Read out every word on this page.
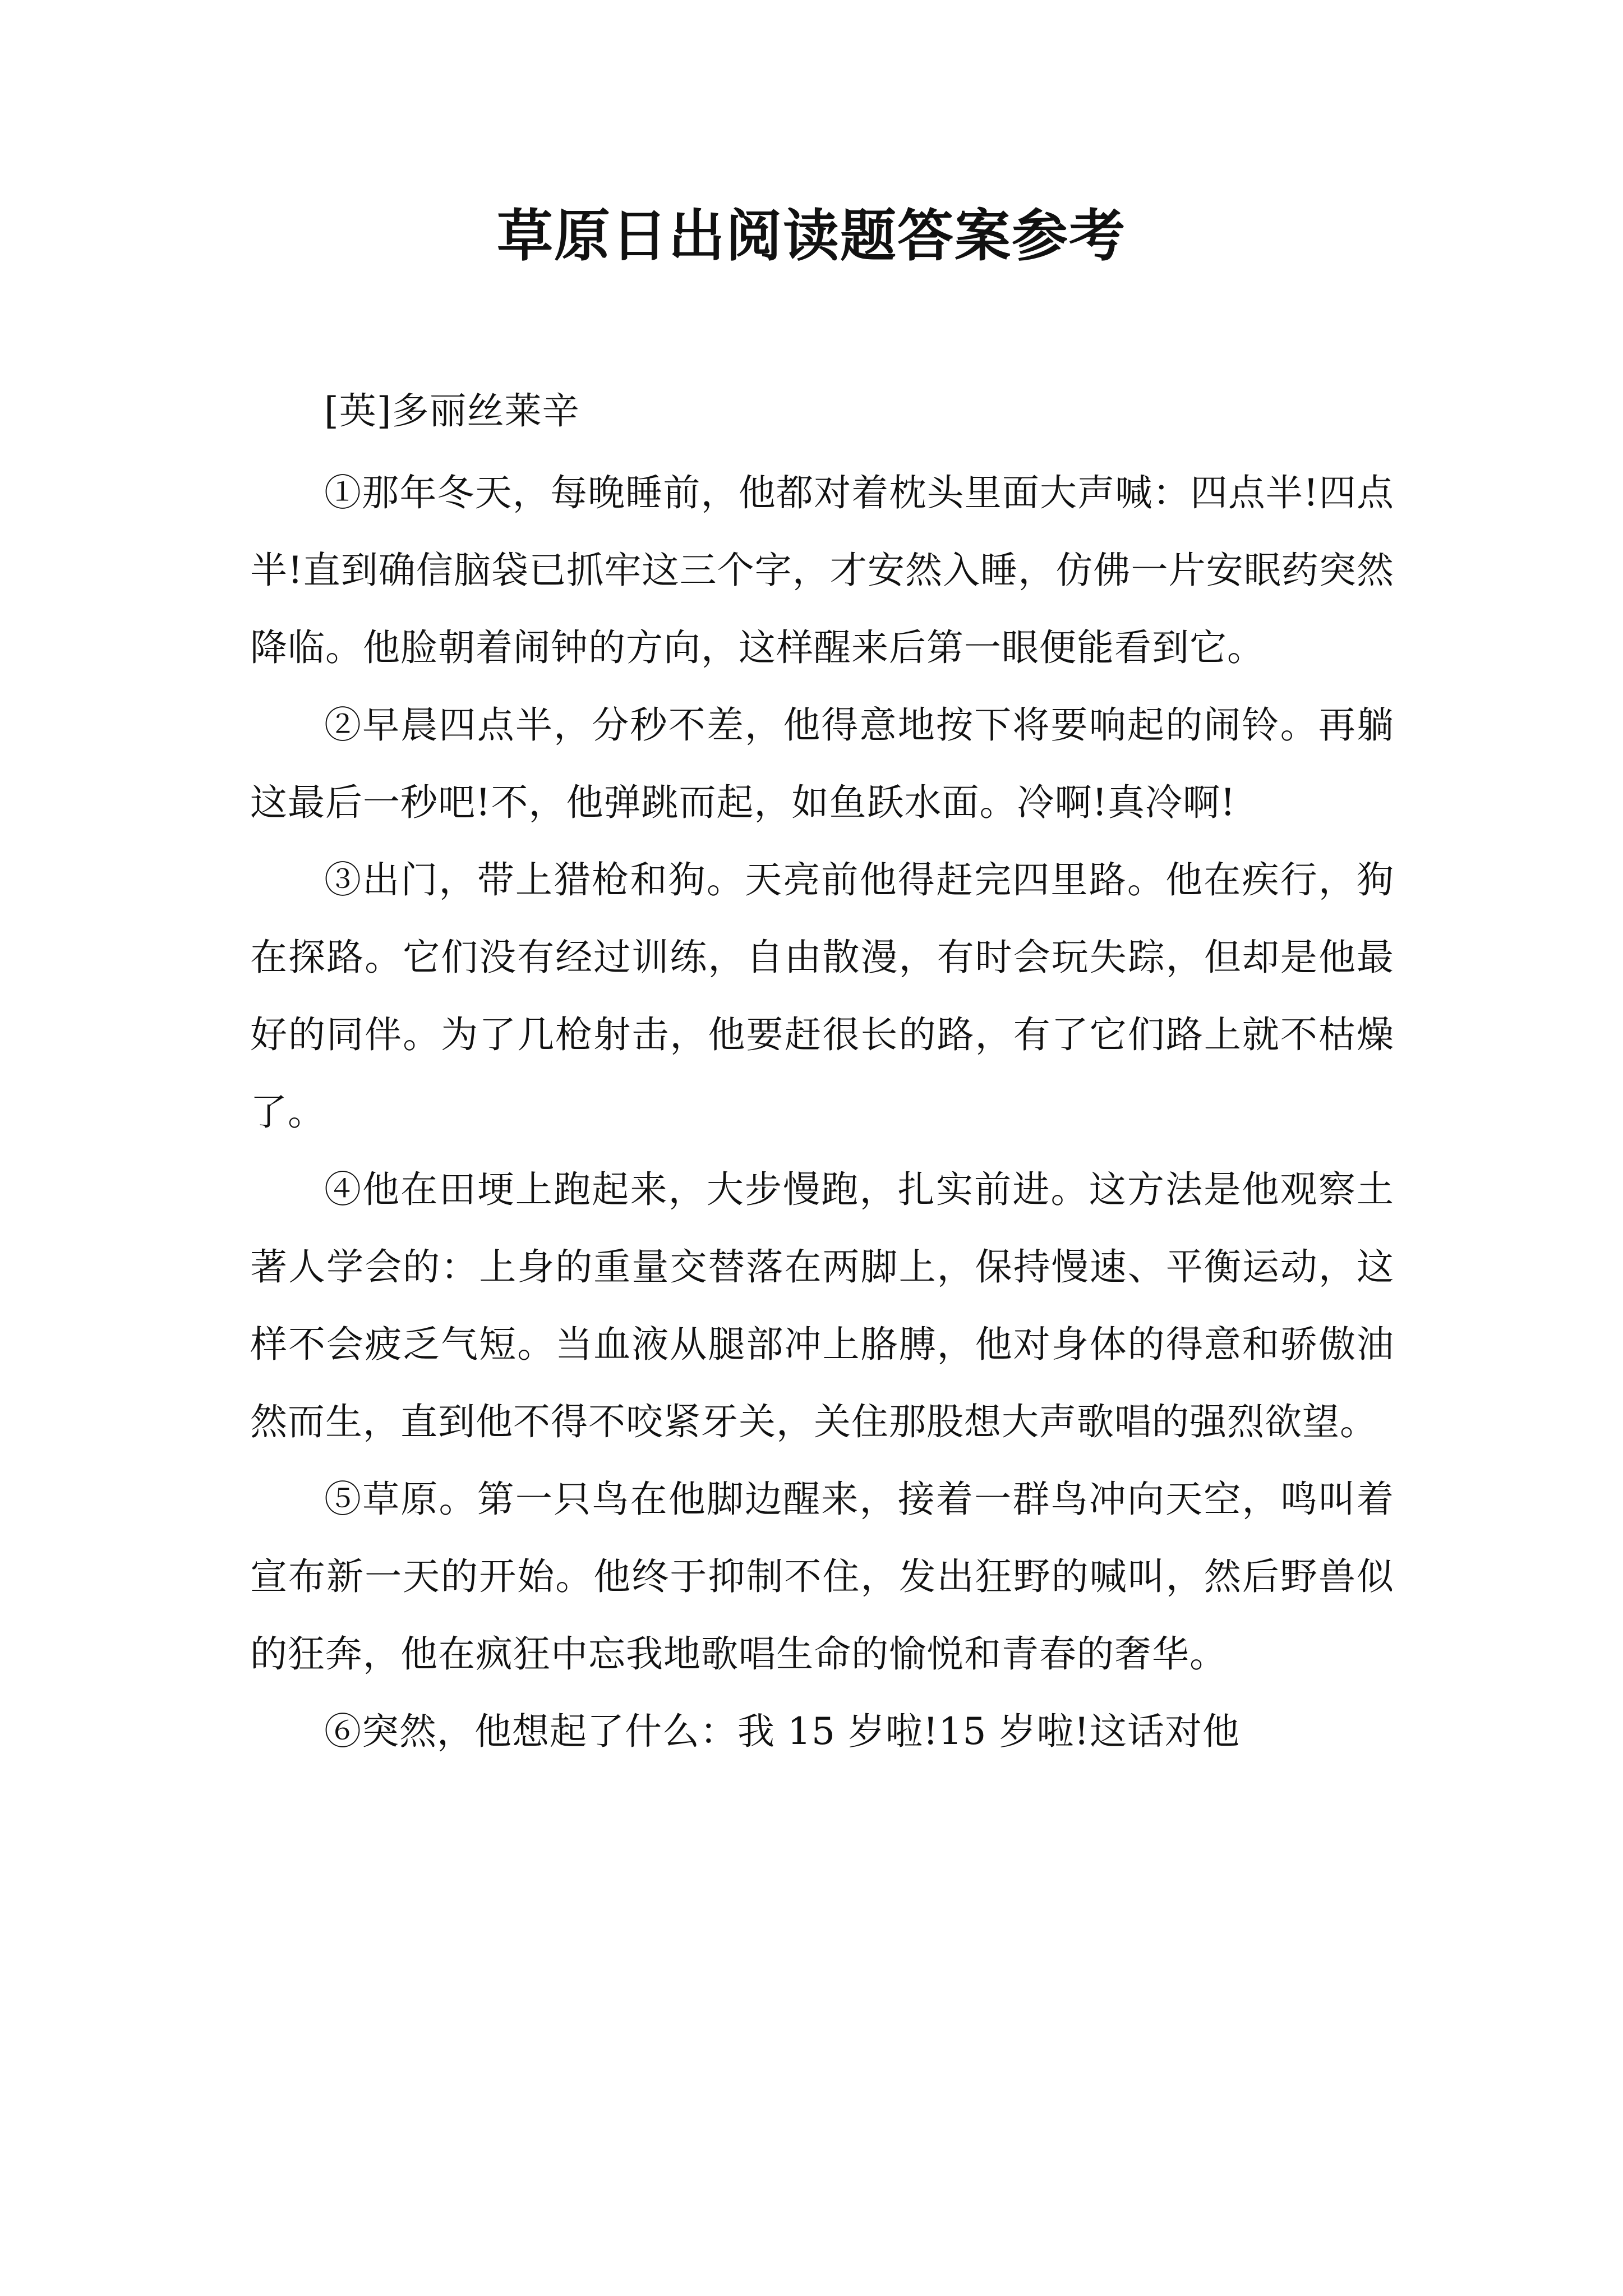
草原日出阅读题答案参考

[英]多丽丝莱辛

①那年冬天，每晚睡前，他都对着枕头里面大声喊：四点半!四点半!直到确信脑袋已抓牢这三个字，才安然入睡，仿佛一片安眠药突然降临。他脸朝着闹钟的方向，这样醒来后第一眼便能看到它。

②早晨四点半，分秒不差，他得意地按下将要响起的闹铃。再躺这最后一秒吧!不，他弹跳而起，如鱼跃水面。冷啊!真冷啊!

③出门，带上猎枪和狗。天亮前他得赶完四里路。他在疾行，狗在探路。它们没有经过训练，自由散漫，有时会玩失踪，但却是他最好的同伴。为了几枪射击，他要赶很长的路，有了它们路上就不枯燥了。

④他在田埂上跑起来，大步慢跑，扎实前进。这方法是他观察土著人学会的：上身的重量交替落在两脚上，保持慢速、平衡运动，这样不会疲乏气短。当血液从腿部冲上胳膊，他对身体的得意和骄傲油然而生，直到他不得不咬紧牙关，关住那股想大声歌唱的强烈欲望。

⑤草原。第一只鸟在他脚边醒来，接着一群鸟冲向天空，鸣叫着宣布新一天的开始。他终于抑制不住，发出狂野的喊叫，然后野兽似的狂奔，他在疯狂中忘我地歌唱生命的愉悦和青春的奢华。

⑥突然，他想起了什么：我 15 岁啦!15 岁啦!这话对他
